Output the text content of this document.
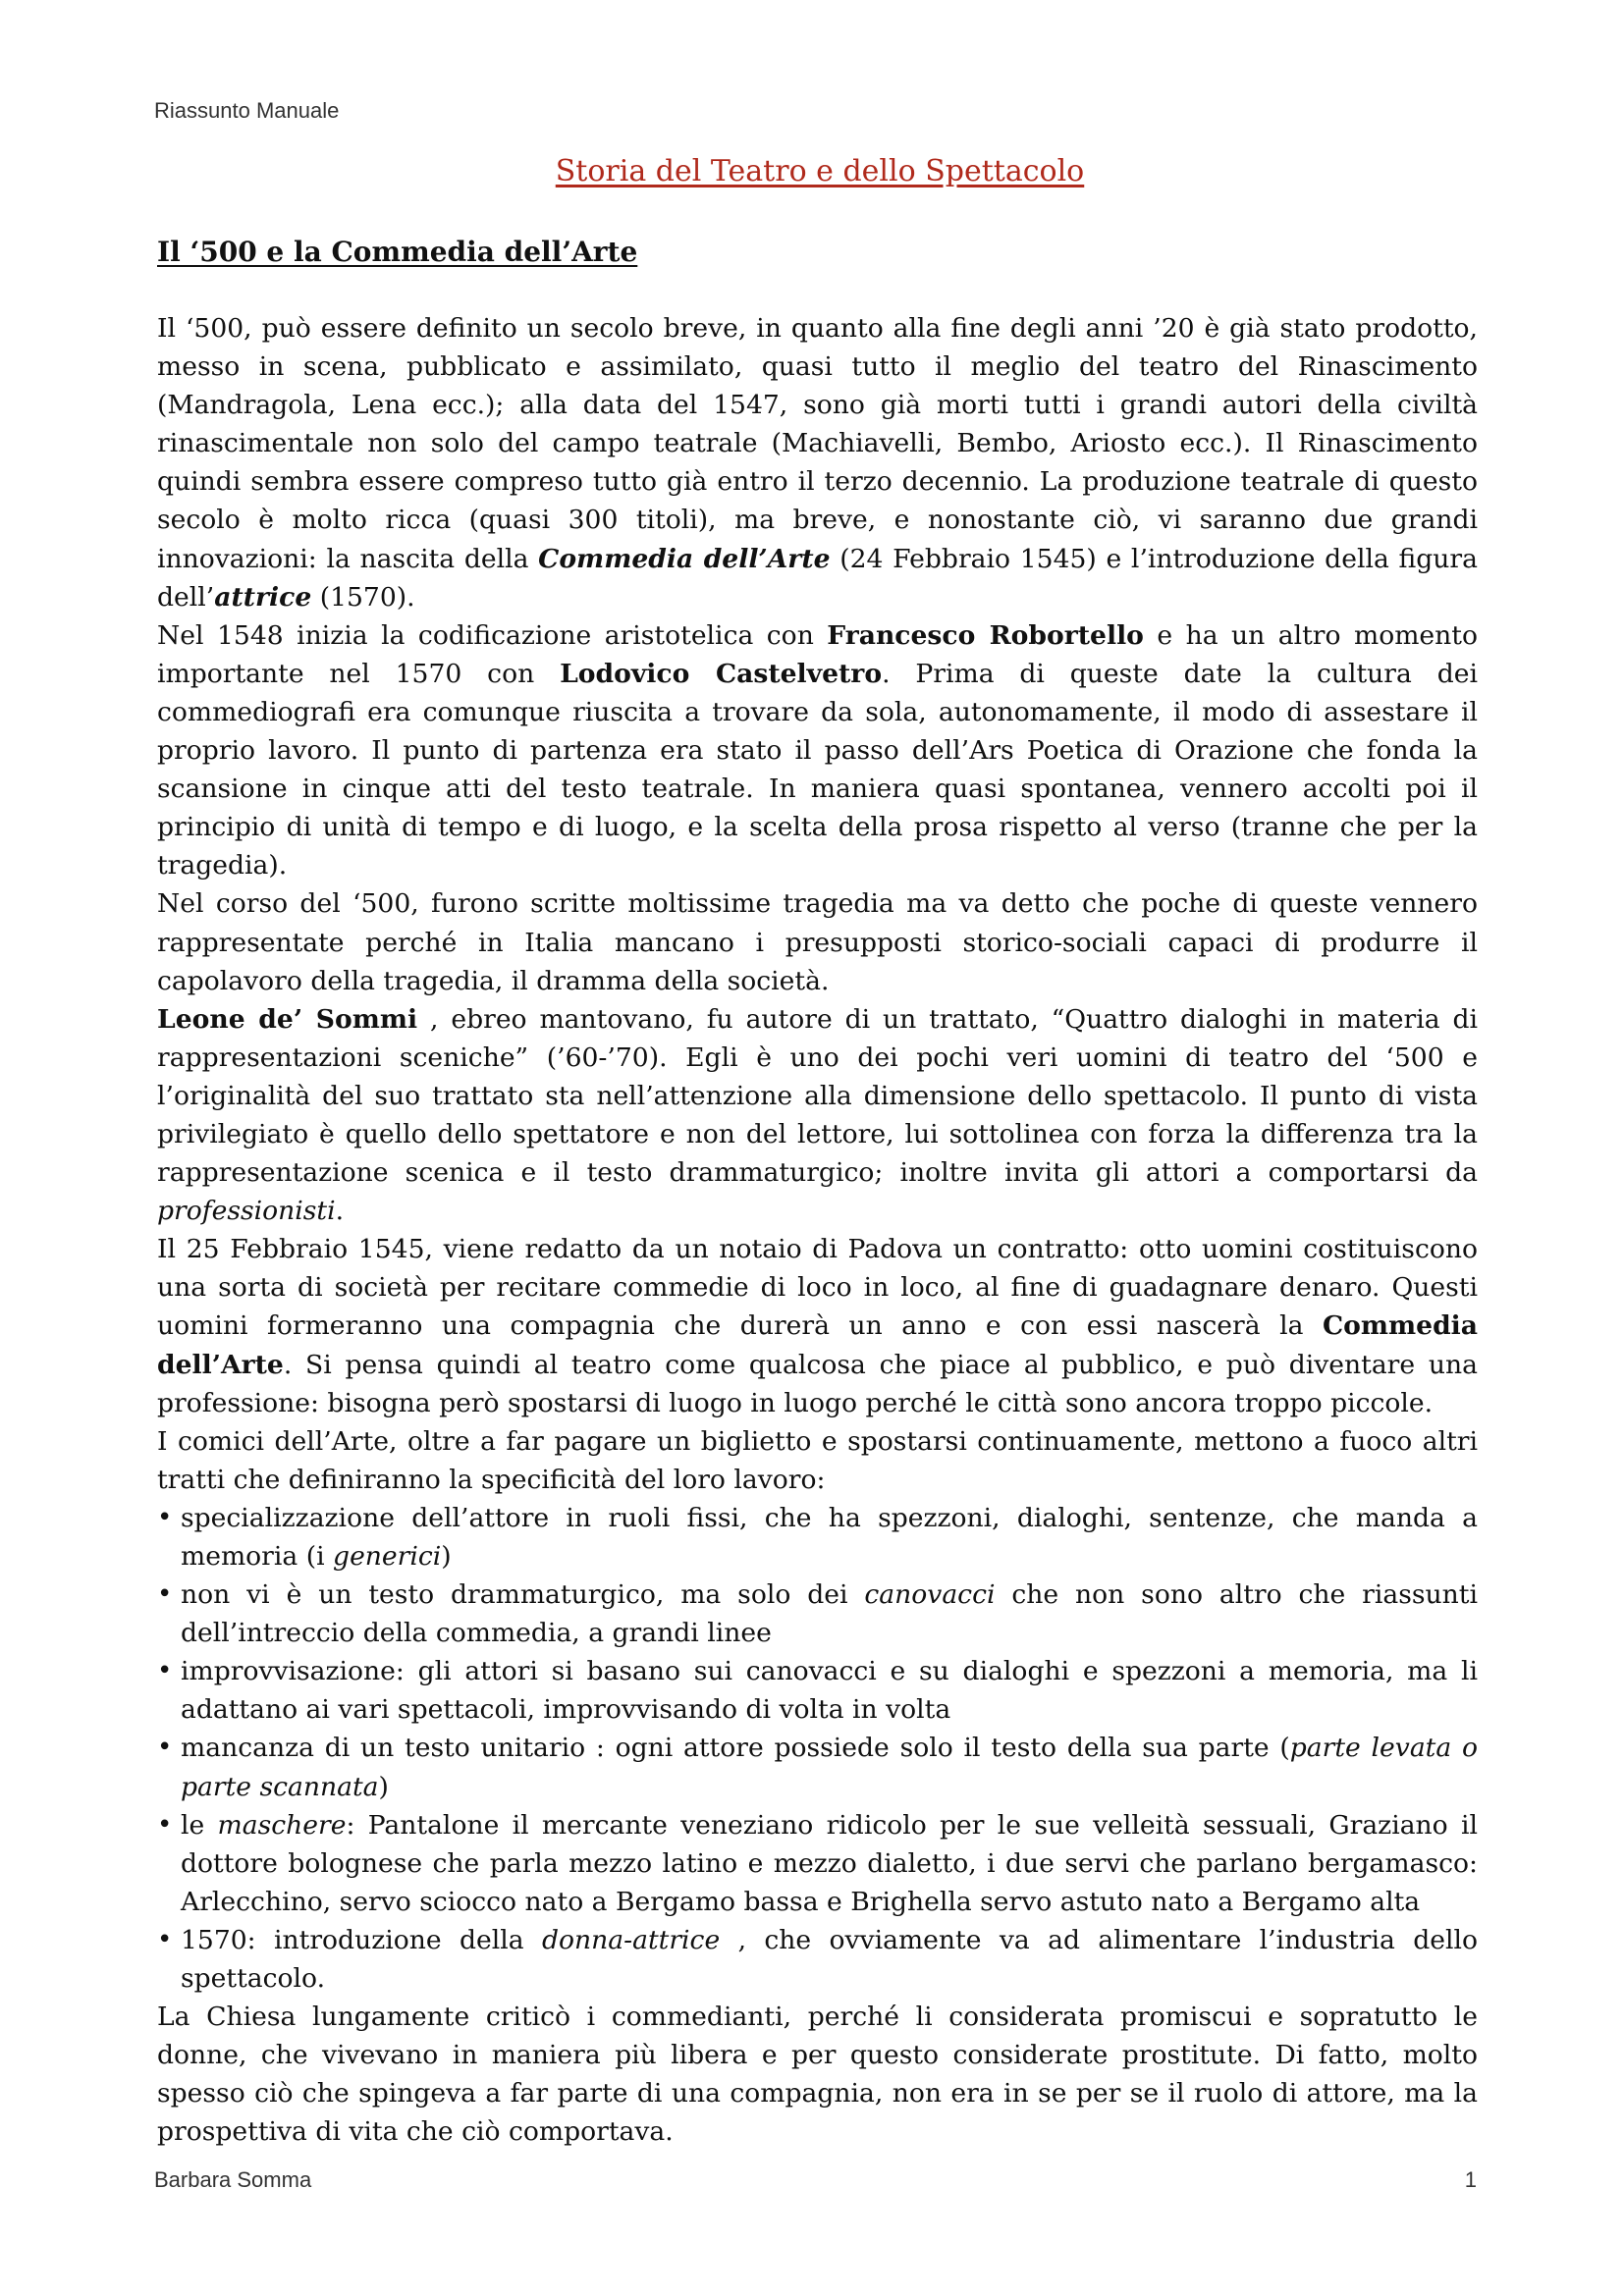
Riassunto Manuale
Storia del Teatro e dello Spettacolo
Il ‘500 e la Commedia dell’Arte

Il ‘500, può essere definito un secolo breve, in quanto alla fine degli anni ’20 è già stato prodotto, messo in scena, pubblicato e assimilato, quasi tutto il meglio del teatro del Rinascimento (Mandragola, Lena ecc.); alla data del 1547, sono già morti tutti i grandi autori della civiltà rinascimentale non solo del campo teatrale (Machiavelli, Bembo, Ariosto ecc.). Il Rinascimento quindi sembra essere compreso tutto già entro il terzo decennio. La produzione teatrale di questo secolo è molto ricca (quasi 300 titoli), ma breve, e nonostante ciò, vi saranno due grandi innovazioni: la nascita della Commedia dell’Arte (24 Febbraio 1545) e l’introduzione della figura dell’attrice (1570).

Nel 1548 inizia la codificazione aristotelica con Francesco Robortello e ha un altro momento importante nel 1570 con Lodovico Castelvetro. Prima di queste date la cultura dei commediografi era comunque riuscita a trovare da sola, autonomamente, il modo di assestare il proprio lavoro. Il punto di partenza era stato il passo dell’Ars Poetica di Orazione che fonda la scansione in cinque atti del testo teatrale. In maniera quasi spontanea, vennero accolti poi il principio di unità di tempo e di luogo, e la scelta della prosa rispetto al verso (tranne che per la tragedia).

Nel corso del ‘500, furono scritte moltissime tragedia ma va detto che poche di queste vennero rappresentate perché in Italia mancano i presupposti storico-sociali capaci di produrre il capolavoro della tragedia, il dramma della società.

Leone de’ Sommi , ebreo mantovano, fu autore di un trattato, “Quattro dialoghi in materia di rappresentazioni sceniche” (’60-’70). Egli è uno dei pochi veri uomini di teatro del ‘500 e l’originalità del suo trattato sta nell’attenzione alla dimensione dello spettacolo. Il punto di vista privilegiato è quello dello spettatore e non del lettore, lui sottolinea con forza la differenza tra la rappresentazione scenica e il testo drammaturgico; inoltre invita gli attori a comportarsi da professionisti.

Il 25 Febbraio 1545, viene redatto da un notaio di Padova un contratto: otto uomini costituiscono una sorta di società per recitare commedie di loco in loco, al fine di guadagnare denaro. Questi uomini formeranno una compagnia che durerà un anno e con essi nascerà la Commedia dell’Arte. Si pensa quindi al teatro come qualcosa che piace al pubblico, e può diventare una professione: bisogna però spostarsi di luogo in luogo perché le città sono ancora troppo piccole.

I comici dell’Arte, oltre a far pagare un biglietto e spostarsi continuamente, mettono a fuoco altri tratti che definiranno la specificità del loro lavoro:

• specializzazione dell’attore in ruoli fissi, che ha spezzoni, dialoghi, sentenze, che manda a memoria (i generici)
• non vi è un testo drammaturgico, ma solo dei canovacci che non sono altro che riassunti dell’intreccio della commedia, a grandi linee
• improvvisazione: gli attori si basano sui canovacci e su dialoghi e spezzoni a memoria, ma li adattano ai vari spettacoli, improvvisando di volta in volta
• mancanza di un testo unitario : ogni attore possiede solo il testo della sua parte (parte levata o parte scannata)
• le maschere: Pantalone il mercante veneziano ridicolo per le sue velleità sessuali, Graziano il dottore bolognese che parla mezzo latino e mezzo dialetto, i due servi che parlano bergamasco: Arlecchino, servo sciocco nato a Bergamo bassa e Brighella servo astuto nato a Bergamo alta
• 1570: introduzione della donna-attrice , che ovviamente va ad alimentare l’industria dello spettacolo.

La Chiesa lungamente criticò i commedianti, perché li considerata promiscui e sopratutto le donne, che vivevano in maniera più libera e per questo considerate prostitute. Di fatto, molto spesso ciò che spingeva a far parte di una compagnia, non era in se per se il ruolo di attore, ma la prospettiva di vita che ciò comportava.

Barbara Somma	1
